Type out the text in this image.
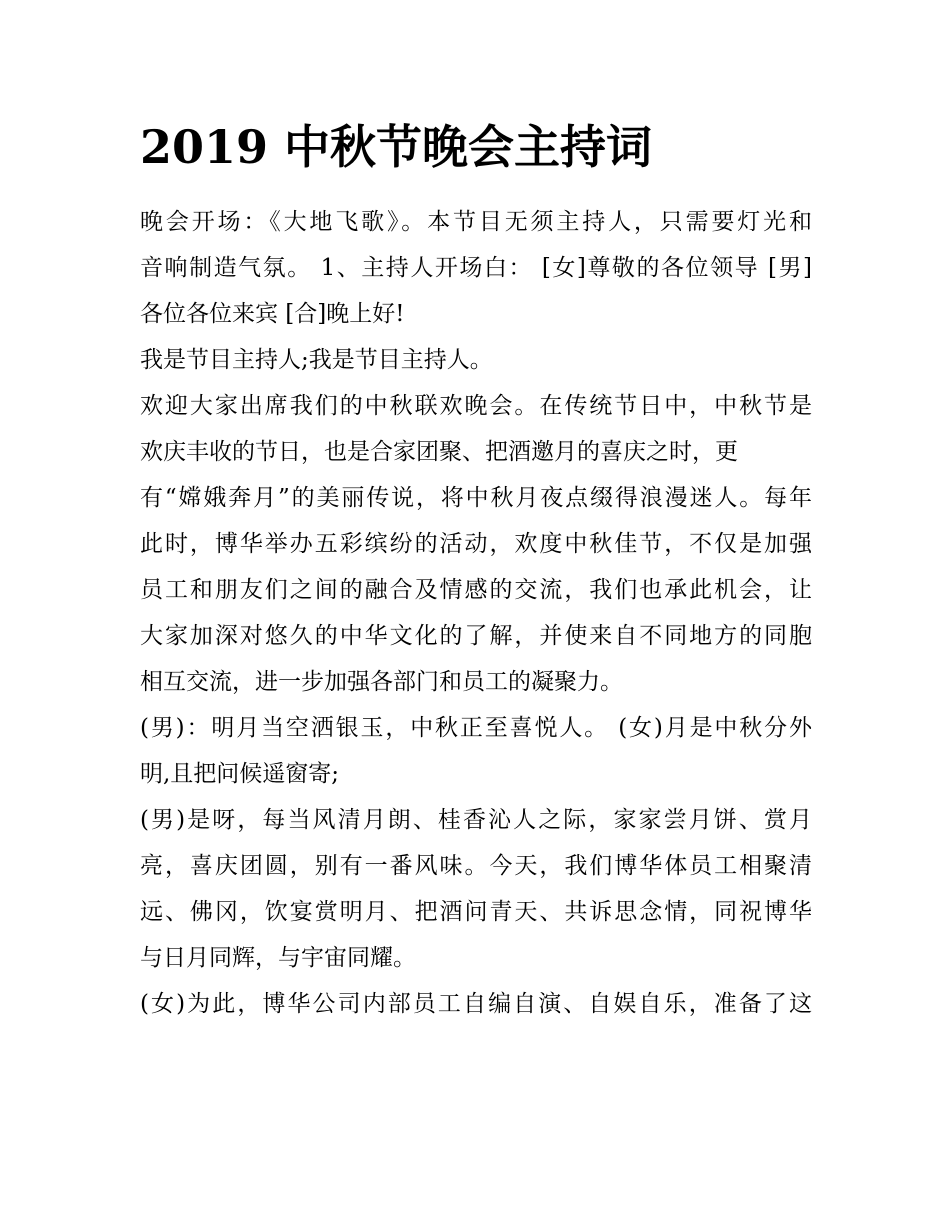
2019 中秋节晚会主持词
晚会开场：《大地飞歌》。本节目无须主持人，只需要灯光和
音响制造气氛。 1、主持人开场白： [女]尊敬的各位领导 [男]
各位各位来宾 [合]晚上好!
我是节目主持人;我是节目主持人。
欢迎大家出席我们的中秋联欢晚会。在传统节日中，中秋节是
欢庆丰收的节日，也是合家团聚、把酒邀月的喜庆之时，更
有“嫦娥奔月”的美丽传说，将中秋月夜点缀得浪漫迷人。每年
此时，博华举办五彩缤纷的活动，欢度中秋佳节，不仅是加强
员工和朋友们之间的融合及情感的交流，我们也承此机会，让
大家加深对悠久的中华文化的了解，并使来自不同地方的同胞
相互交流，进一步加强各部门和员工的凝聚力。
(男)：明月当空洒银玉，中秋正至喜悦人。 (女)月是中秋分外
明,且把问候遥窗寄;
(男)是呀，每当风清月朗、桂香沁人之际，家家尝月饼、赏月
亮，喜庆团圆，别有一番风味。今天，我们博华体员工相聚清
远、佛冈，饮宴赏明月、把酒问青天、共诉思念情，同祝博华
与日月同辉，与宇宙同耀。
(女)为此，博华公司内部员工自编自演、自娱自乐，准备了这
